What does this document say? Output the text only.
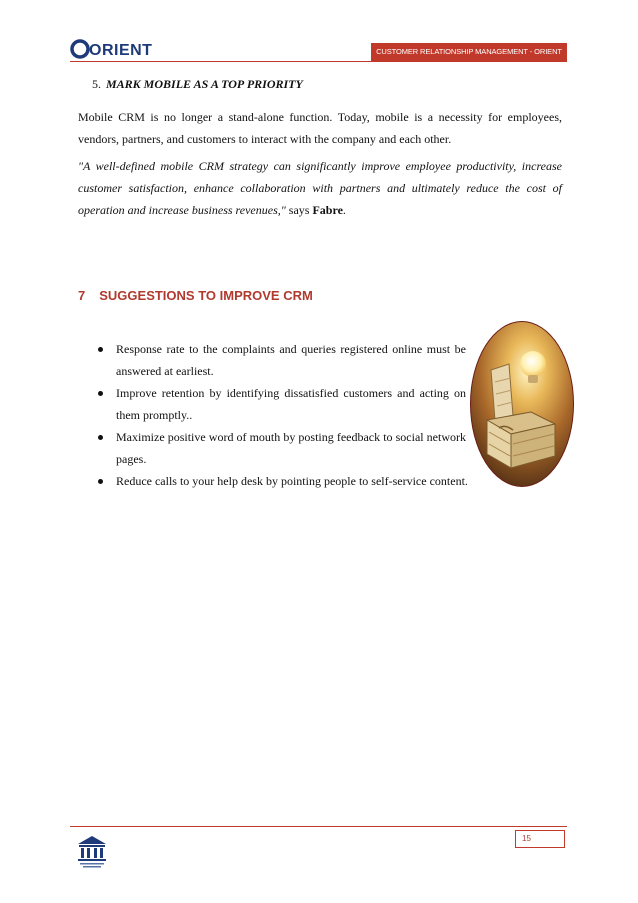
ORIENT	CUSTOMER RELATIONSHIP MANAGEMENT - ORIENT
5. MARK MOBILE AS A TOP PRIORITY
Mobile CRM is no longer a stand-alone function. Today, mobile is a necessity for employees, vendors, partners, and customers to interact with the company and each other.
"A well-defined mobile CRM strategy can significantly improve employee productivity, increase customer satisfaction, enhance collaboration with partners and ultimately reduce the cost of operation and increase business revenues," says Fabre.
7 SUGGESTIONS TO IMPROVE CRM
Response rate to the complaints and queries registered online must be answered at earliest.
Improve retention by identifying dissatisfied customers and acting on them promptly..
Maximize positive word of mouth by posting feedback to social network pages.
Reduce calls to your help desk by pointing people to self-service content.
15
